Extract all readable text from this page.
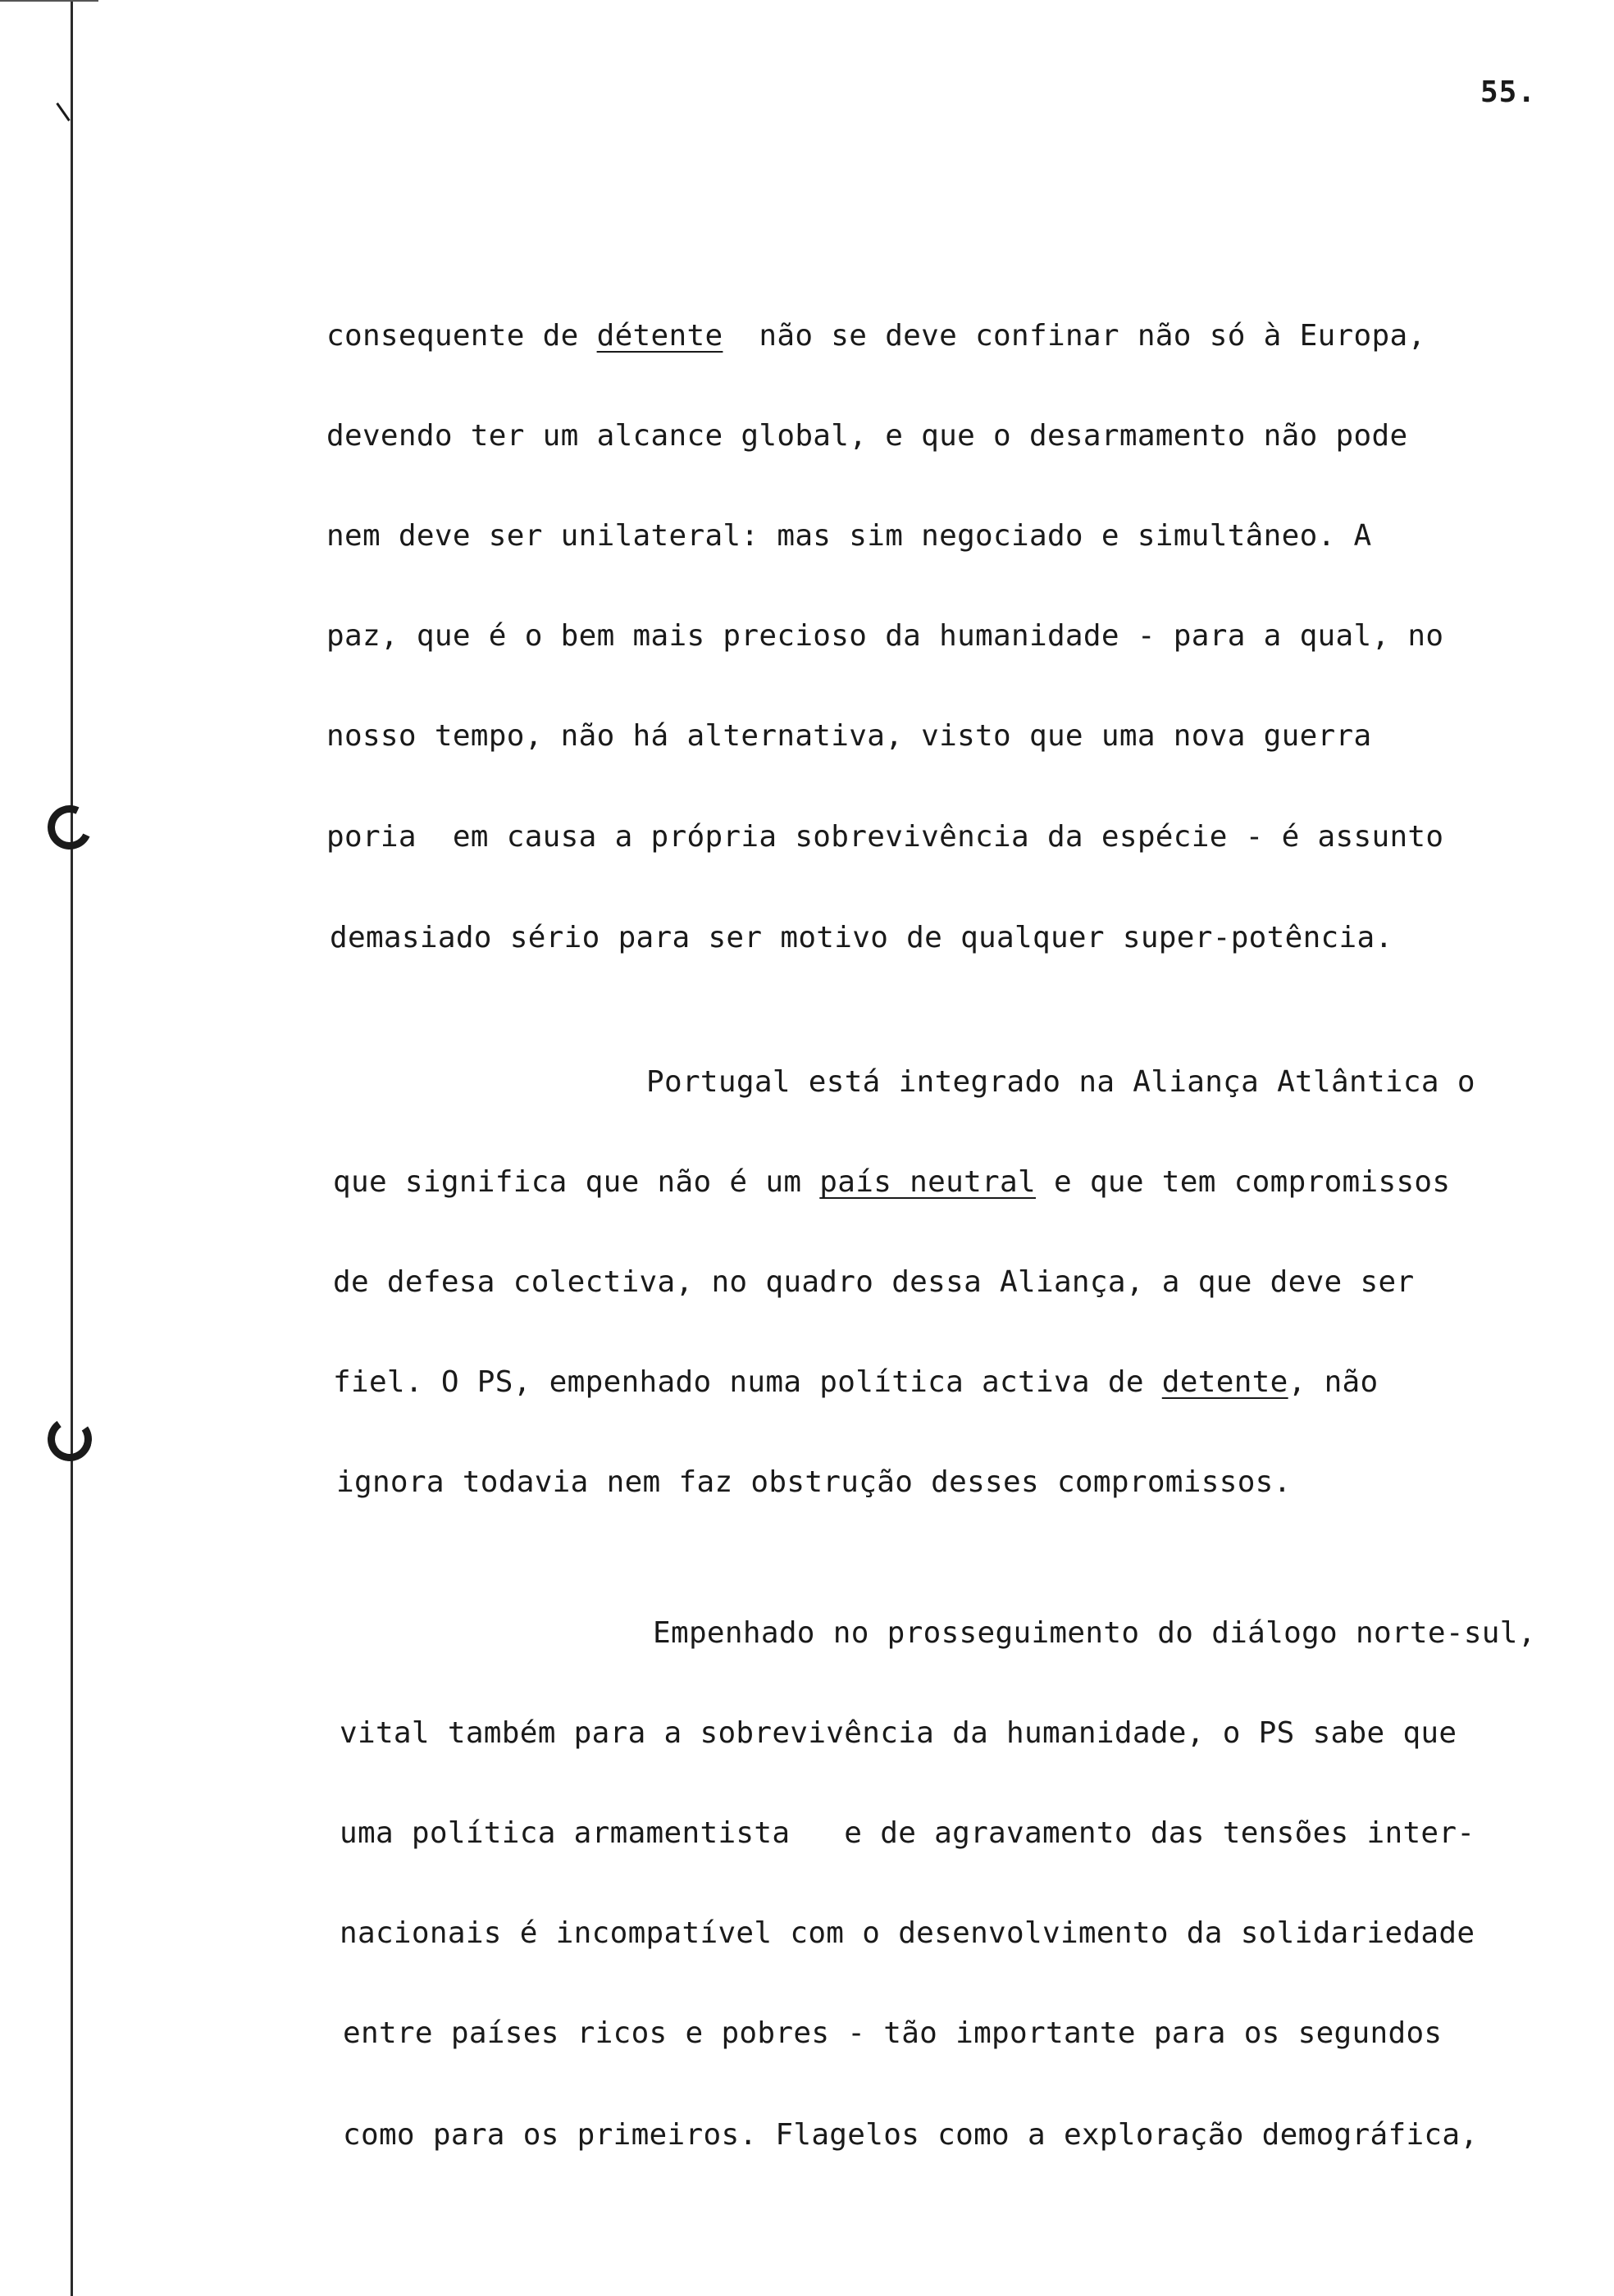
55.
consequente de détente  não se deve confinar não só à Europa,
devendo ter um alcance global, e que o desarmamento não pode
nem deve ser unilateral: mas sim negociado e simultâneo. A
paz, que é o bem mais precioso da humanidade - para a qual, no
nosso tempo, não há alternativa, visto que uma nova guerra
poria  em causa a própria sobrevivência da espécie - é assunto
demasiado sério para ser motivo de qualquer super-potência.
Portugal está integrado na Aliança Atlântica o
que significa que não é um país neutral e que tem compromissos
de defesa colectiva, no quadro dessa Aliança, a que deve ser
fiel. O PS, empenhado numa política activa de detente, não
ignora todavia nem faz obstrução desses compromissos.
Empenhado no prosseguimento do diálogo norte-sul,
vital também para a sobrevivência da humanidade, o PS sabe que
uma política armamentista   e de agravamento das tensões inter-
nacionais é incompatível com o desenvolvimento da solidariedade
entre países ricos e pobres - tão importante para os segundos
como para os primeiros. Flagelos como a exploração demográfica,
